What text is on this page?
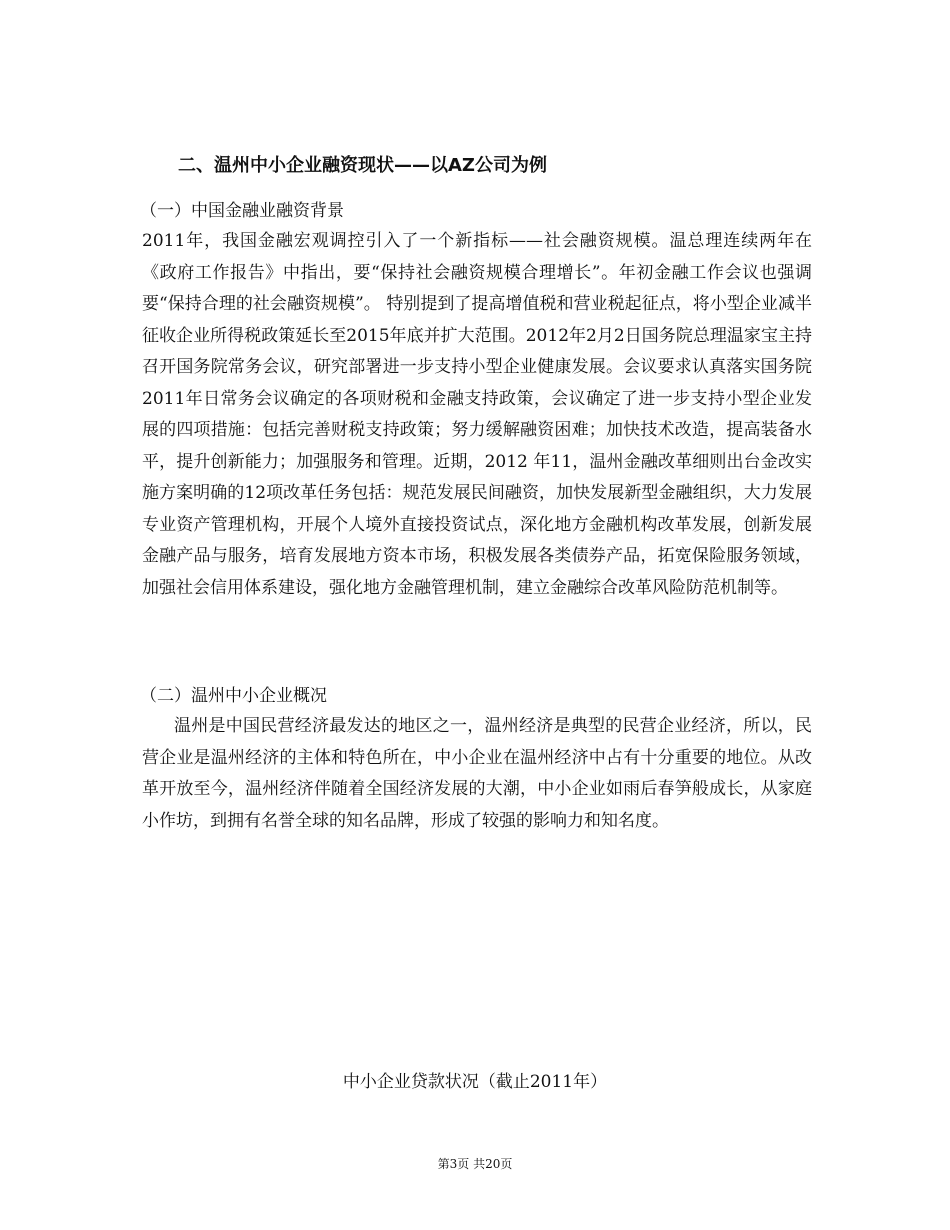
二、温州中小企业融资现状——以AZ公司为例
（一）中国金融业融资背景

2011年，我国金融宏观调控引入了一个新指标——社会融资规模。温总理连续两年在《政府工作报告》中指出，要“保持社会融资规模合理增长”。年初金融工作会议也强调要“保持合理的社会融资规模”。 特别提到了提高增值税和营业税起征点，将小型企业减半征收企业所得税政策延长至2015年底并扩大范围。2012年2月2日国务院总理温家宝主持召开国务院常务会议，研究部署进一步支持小型企业健康发展。会议要求认真落实国务院2011年日常务会议确定的各项财税和金融支持政策，会议确定了进一步支持小型企业发展的四项措施：包括完善财税支持政策；努力缓解融资困难；加快技术改造，提高装备水平，提升创新能力；加强服务和管理。近期，2012 年11，温州金融改革细则出台金改实施方案明确的12项改革任务包括：规范发展民间融资，加快发展新型金融组织，大力发展专业资产管理机构，开展个人境外直接投资试点，深化地方金融机构改革发展，创新发展金融产品与服务，培育发展地方资本市场，积极发展各类债券产品，拓宽保险服务领域，加强社会信用体系建设，强化地方金融管理机制，建立金融综合改革风险防范机制等。

（二）温州中小企业概况

温州是中国民营经济最发达的地区之一，温州经济是典型的民营企业经济，所以，民营企业是温州经济的主体和特色所在，中小企业在温州经济中占有十分重要的地位。从改革开放至今，温州经济伴随着全国经济发展的大潮，中小企业如雨后春笋般成长，从家庭小作坊，到拥有名誉全球的知名品牌，形成了较强的影响力和知名度。

中小企业贷款状况（截止2011年）
第3页 共20页
